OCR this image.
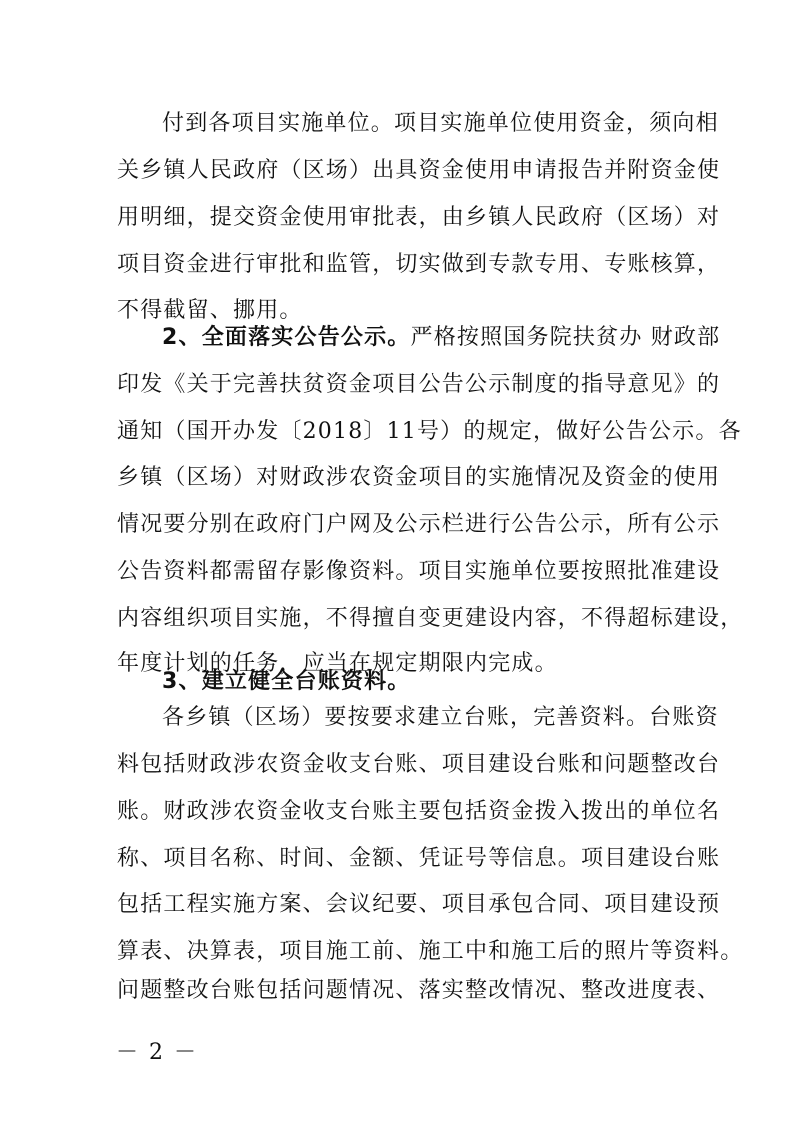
付到各项目实施单位。项目实施单位使用资金，须向相
关乡镇人民政府（区场）出具资金使用申请报告并附资金使
用明细，提交资金使用审批表，由乡镇人民政府（区场）对
项目资金进行审批和监管，切实做到专款专用、专账核算，
不得截留、挪用。
2、全面落实公告公示。严格按照国务院扶贫办 财政部
印发《关于完善扶贫资金项目公告公示制度的指导意见》的
通知（国开办发〔2018〕11号）的规定，做好公告公示。各
乡镇（区场）对财政涉农资金项目的实施情况及资金的使用
情况要分别在政府门户网及公示栏进行公告公示，所有公示
公告资料都需留存影像资料。项目实施单位要按照批准建设
内容组织项目实施，不得擅自变更建设内容，不得超标建设，
年度计划的任务，应当在规定期限内完成。
3、建立健全台账资料。
各乡镇（区场）要按要求建立台账，完善资料。台账资
料包括财政涉农资金收支台账、项目建设台账和问题整改台
账。财政涉农资金收支台账主要包括资金拨入拨出的单位名
称、项目名称、时间、金额、凭证号等信息。项目建设台账
包括工程实施方案、会议纪要、项目承包合同、项目建设预
算表、决算表，项目施工前、施工中和施工后的照片等资料。
问题整改台账包括问题情况、落实整改情况、整改进度表、
－ 2 －
